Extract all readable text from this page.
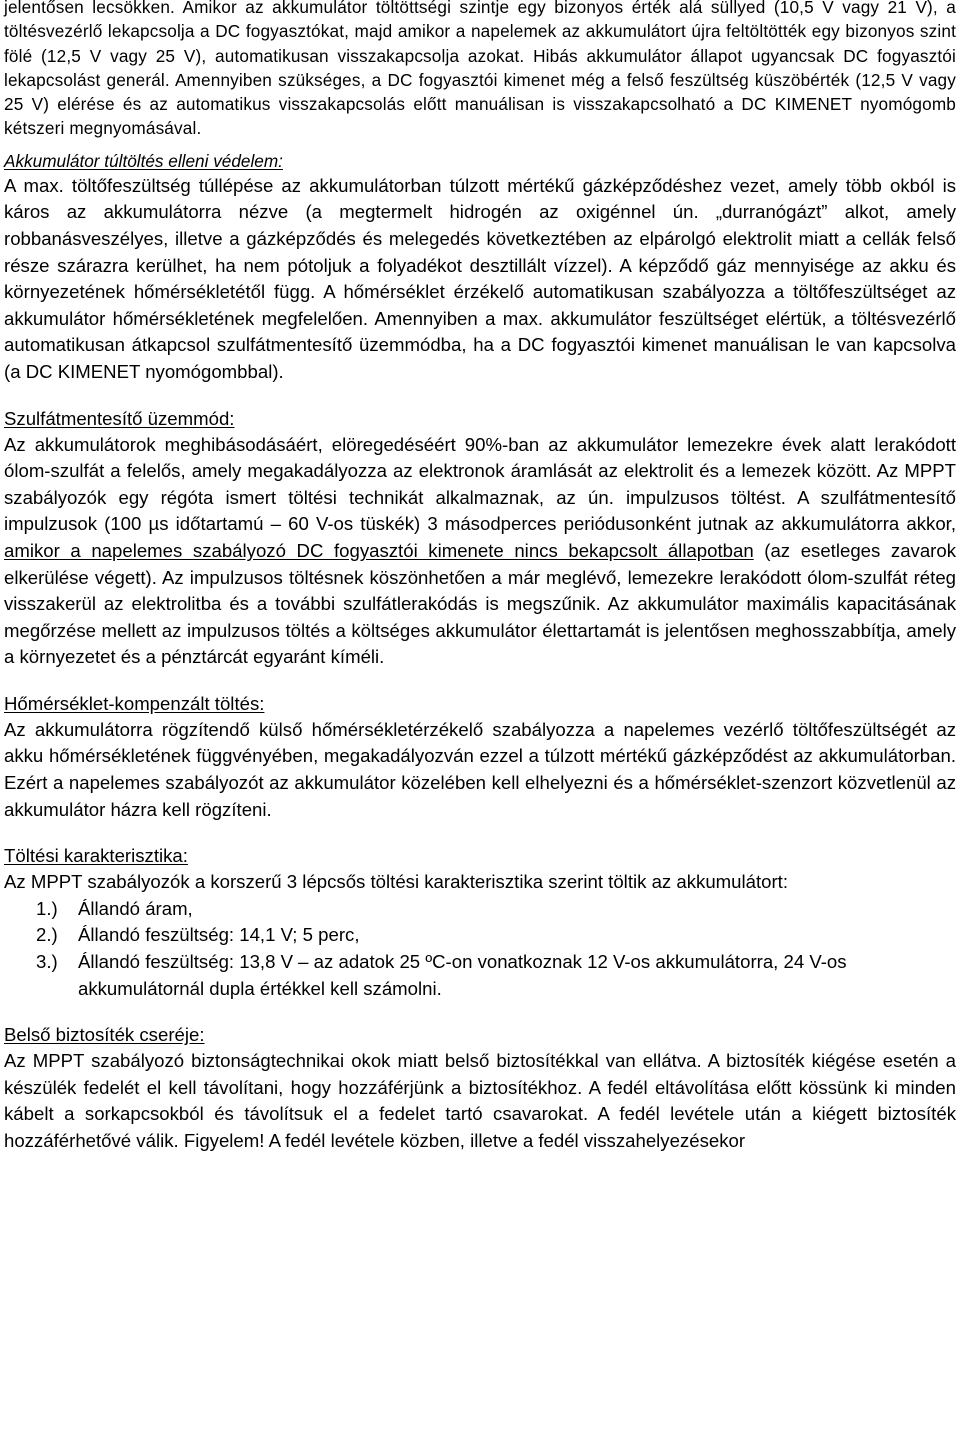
jelentősen lecsökken. Amikor az akkumulátor töltöttségi szintje egy bizonyos érték alá süllyed (10,5 V vagy 21 V), a töltésvezérlő lekapcsolja a DC fogyasztókat, majd amikor a napelemek az akkumulátort újra feltöltötték egy bizonyos szint fölé (12,5 V vagy 25 V), automatikusan visszakapcsolja azokat. Hibás akkumulátor állapot ugyancsak DC fogyasztói lekapcsolást generál. Amennyiben szükséges, a DC fogyasztói kimenet még a felső feszültség küszöbérték (12,5 V vagy 25 V) elérése és az automatikus visszakapcsolás előtt manuálisan is visszakapcsolható a DC KIMENET nyomógomb kétszeri megnyomásával.

Akkumulátor túltöltés elleni védelem:

A max. töltőfeszültség túllépése az akkumulátorban túlzott mértékű gázképződéshez vezet, amely több okból is káros az akkumulátorra nézve (a megtermelt hidrogén az oxigénnel ún. „durranógázt” alkot, amely robbanásveszélyes, illetve a gázképződés és melegedés következtében az elpárolgó elektrolit miatt a cellák felső része szárazra kerülhet, ha nem pótoljuk a folyadékot desztillált vízzel). A képződő gáz mennyisége az akku és környezetének hőmérsékletétől függ. A hőmérséklet érzékelő automatikusan szabályozza a töltőfeszültséget az akkumulátor hőmérsékletének megfelelően. Amennyiben a max. akkumulátor feszültséget elértük, a töltésvezérlő automatikusan átkapcsol szulfátmentesítő üzemmódba, ha a DC fogyasztói kimenet manuálisan le van kapcsolva (a DC KIMENET nyomógombbal).

Szulfátmentesítő üzemmód:

Az akkumulátorok meghibásodásáért, elöregedéséért 90%-ban az akkumulátor lemezekre évek alatt lerakódott ólom-szulfát a felelős, amely megakadályozza az elektronok áramlását az elektrolit és a lemezek között. Az MPPT szabályozók egy régóta ismert töltési technikát alkalmaznak, az ún. impulzusos töltést. A szulfátmentesítő impulzusok (100 µs időtartamú – 60 V-os tüskék) 3 másodperces periódusonként jutnak az akkumulátorra akkor, amikor a napelemes szabályozó DC fogyasztói kimenete nincs bekapcsolt állapotban (az esetleges zavarok elkerülése végett). Az impulzusos töltésnek köszönhetően a már meglévő, lemezekre lerakódott ólom-szulfát réteg visszakerül az elektrolitba és a további szulfátlerakódás is megszűnik. Az akkumulátor maximális kapacitásának megőrzése mellett az impulzusos töltés a költséges akkumulátor élettartamát is jelentősen meghosszabbítja, amely a környezetet és a pénztárcát egyaránt kíméli.

Hőmérséklet-kompenzált töltés:

Az akkumulátorra rögzítendő külső hőmérsékletérzékelő szabályozza a napelemes vezérlő töltőfeszültségét az akku hőmérsékletének függvényében, megakadályozván ezzel a túlzott mértékű gázképződést az akkumulátorban. Ezért a napelemes szabályozót az akkumulátor közelében kell elhelyezni és a hőmérséklet-szenzort közvetlenül az akkumulátor házra kell rögzíteni.

Töltési karakterisztika:

Az MPPT szabályozók a korszerű 3 lépcsős töltési karakterisztika szerint töltik az akkumulátort:

1.)	Állandó áram,
2.)	Állandó feszültség: 14,1 V; 5 perc,
3.)	Állandó feszültség: 13,8 V – az adatok 25 ºC-on vonatkoznak 12 V-os akkumulátorra, 24 V-os akkumulátornál dupla értékkel kell számolni.

Belső biztosíték cseréje:

Az MPPT szabályozó biztonságtechnikai okok miatt belső biztosítékkal van ellátva. A biztosíték kiégése esetén a készülék fedelét el kell távolítani, hogy hozzáférjünk a biztosítékhoz. A fedél eltávolítása előtt kössünk ki minden kábelt a sorkapcsokból és távolítsuk el a fedelet tartó csavarokat. A fedél levétele után a kiégett biztosíték hozzáférhetővé válik. Figyelem! A fedél levétele közben, illetve a fedél visszahelyezésekor
